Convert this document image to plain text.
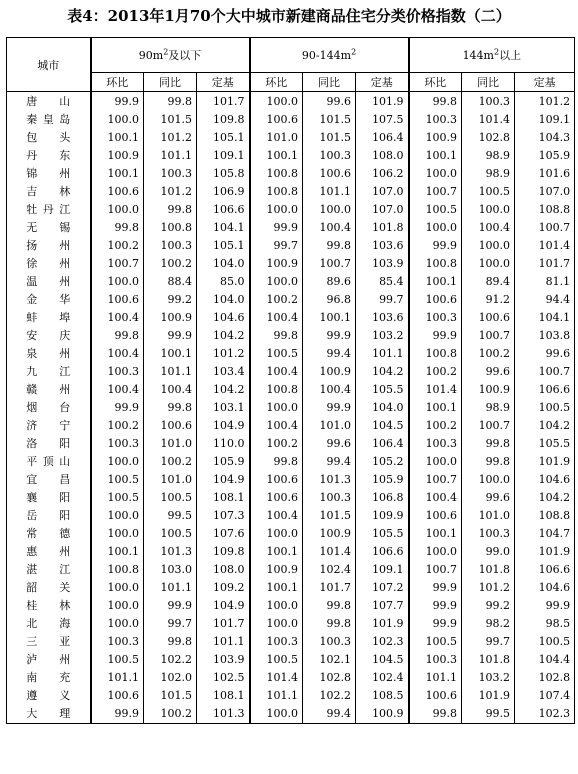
表4：2013年1月70个大中城市新建商品住宅分类价格指数（二）
城市	$90m^2$及以下			$90-144m^2$			$144m^2$以上		
	环比	同比	定基	环比	同比	定基	环比	同比	定基

唐 山	99.9	99.8	101.7	100.0	99.6	101.9	99.8	100.3	101.2

秦 皇 岛	100.0	101.5	109.8	100.6	101.5	107.5	100.3	101.4	109.1

包 头	100.1	101.2	105.1	101.0	101.5	106.4	100.9	102.8	104.3

丹 东	100.9	101.1	109.1	100.1	100.3	108.0	100.1	98.9	105.9

锦 州	100.1	100.3	105.8	100.8	100.6	106.2	100.0	98.9	101.6

吉 林	100.6	101.2	106.9	100.8	101.1	107.0	100.7	100.5	107.0

牡 丹 江	100.0	99.8	106.6	100.0	100.0	107.0	100.5	100.0	108.8

无 锡	99.8	100.8	104.1	99.9	100.4	101.8	100.0	100.4	100.7

扬 州	100.2	100.3	105.1	99.7	99.8	103.6	99.9	100.0	101.4

徐 州	100.7	100.2	104.0	100.9	100.7	103.9	100.8	100.0	101.7

温 州	100.0	88.4	85.0	100.0	89.6	85.4	100.1	89.4	81.1

金 华	100.6	99.2	104.0	100.2	96.8	99.7	100.6	91.2	94.4

蚌 埠	100.4	100.9	104.6	100.4	100.1	103.6	100.3	100.6	104.1

安 庆	99.8	99.9	104.2	99.8	99.9	103.2	99.9	100.7	103.8

泉 州	100.4	100.1	101.2	100.5	99.4	101.1	100.8	100.2	99.6

九 江	100.3	101.1	103.4	100.4	100.9	104.2	100.2	99.6	100.7

赣 州	100.4	100.4	104.2	100.8	100.4	105.5	101.4	100.9	106.6

烟 台	99.9	99.8	103.1	100.0	99.9	104.0	100.1	98.9	100.5

济 宁	100.2	100.6	104.9	100.4	101.0	104.5	100.2	100.7	104.2

洛 阳	100.3	101.0	110.0	100.2	99.6	106.4	100.3	99.8	105.5

平 顶 山	100.0	100.2	105.9	99.8	99.4	105.2	100.0	99.8	101.9

宜 昌	100.5	101.0	104.9	100.6	101.3	105.9	100.7	100.0	104.6

襄 阳	100.5	100.5	108.1	100.6	100.3	106.8	100.4	99.6	104.2

岳 阳	100.0	99.5	107.3	100.4	101.5	109.9	100.6	101.0	108.8

常 德	100.0	100.5	107.6	100.0	100.9	105.5	100.1	100.3	104.7

惠 州	100.1	101.3	109.8	100.1	101.4	106.6	100.0	99.0	101.9

湛 江	100.8	103.0	108.0	100.9	102.4	109.1	100.7	101.8	106.6

韶 关	100.0	101.1	109.2	100.1	101.7	107.2	99.9	101.2	104.6

桂 林	100.0	99.9	104.9	100.0	99.8	107.7	99.9	99.2	99.9

北 海	100.0	99.7	101.7	100.0	99.8	101.9	99.9	98.2	98.5

三 亚	100.3	99.8	101.1	100.3	100.3	102.3	100.5	99.7	100.5

泸 州	100.5	102.2	103.9	100.5	102.1	104.5	100.3	101.8	104.4

南 充	101.1	102.0	102.5	101.4	102.8	102.4	101.1	103.2	102.8

遵 义	100.6	101.5	108.1	101.1	102.2	108.5	100.6	101.9	107.4

大 理	99.9	100.2	101.3	100.0	99.4	100.9	99.8	99.5	102.3
